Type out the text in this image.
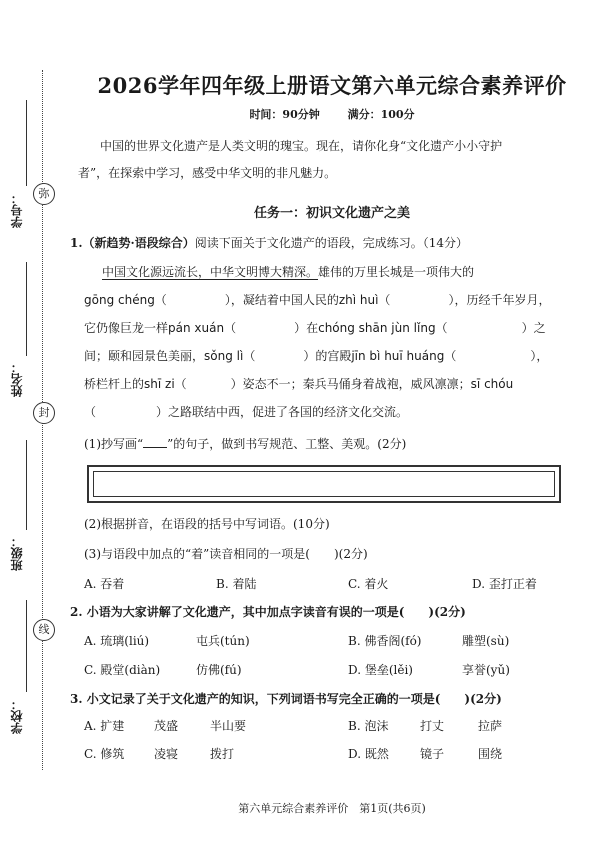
弥
封
线
学号：
姓名：
班级：
学校：
2026学年四年级上册语文第六单元综合素养评价
时间：90分钟	满分：100分
中国的世界文化遗产是人类文明的瑰宝。现在，请你化身“文化遗产小小守护
者”，在探索中学习，感受中华文明的非凡魅力。
任务一：初识文化遗产之美
1.（新趋势·语段综合）阅读下面关于文化遗产的语段，完成练习。（14分）
中国文化源远流长，中华文明博大精深。雄伟的万里长城是一项伟大的
gōng chéng（	），凝结着中国人民的zhì huì（	），历经千年岁月，
它仍像巨龙一样pán xuán（	）在chóng shān jùn lǐng（	）之
间；颐和园景色美丽，sǒng lì（	）的宫殿jīn bì huī huáng（	），
桥栏杆上的shī zi（	）姿态不一；秦兵马俑身着战袍，威风凛凛；sī chóu
（　　　　　）之路联结中西，促进了各国的经济文化交流。
(1)抄写画“ ”的句子，做到书写规范、工整、美观。(2分)
(2)根据拼音，在语段的括号中写词语。(10分)
(3)与语段中加点的“着”读音相同的一项是(　　)(2分)
A. 吞着	B. 着陆	C. 着火	D. 歪打正着
2. 小语为大家讲解了文化遗产，其中加点字读音有误的一项是(　　)(2分)
A. 琉璃(liú)	屯兵(tún)	B. 佛香阁(fó)	雕塑(sù)
C. 殿堂(diàn)	仿佛(fú)	D. 堡垒(lěi)	享誉(yǔ)
3. 小文记录了关于文化遗产的知识，下列词语书写完全正确的一项是(　　)(2分)
A. 扩建 茂盛	半山要	B. 泡沫	打丈	拉萨
C. 修筑 凌寝	拨打	D. 既然	镜子	围绕
第六单元综合素养评价　第1页(共6页)
